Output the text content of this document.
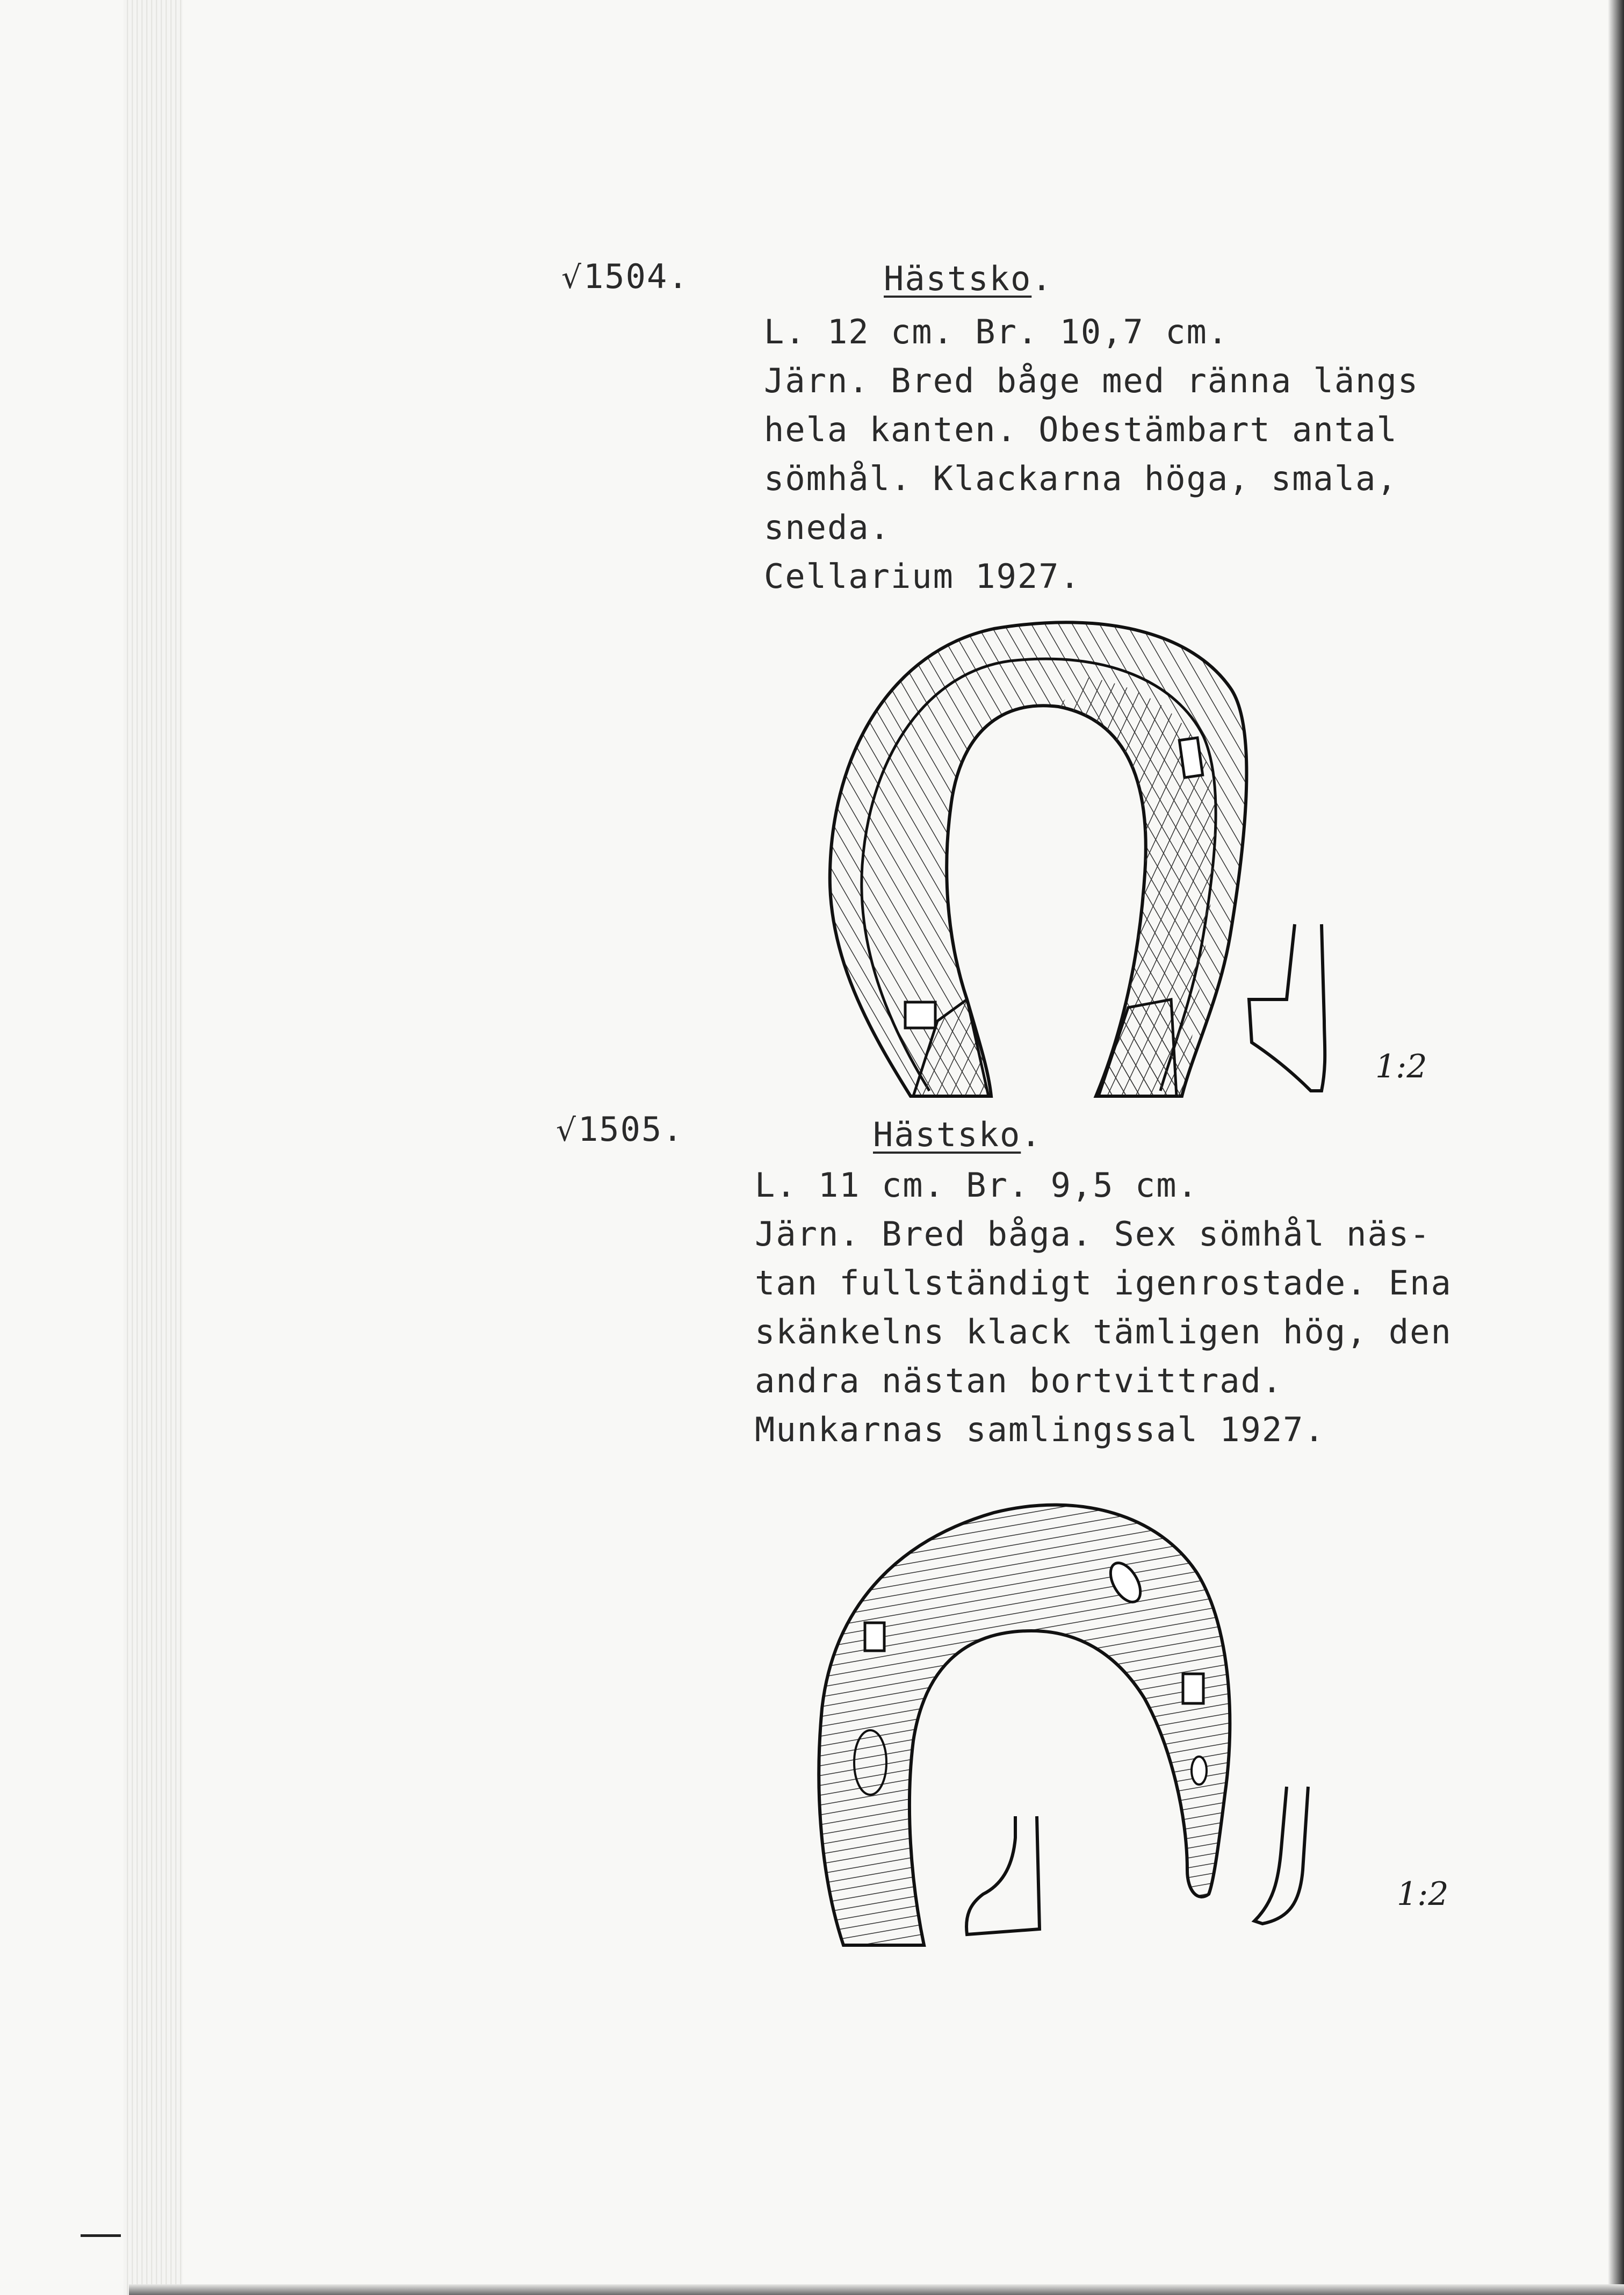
√1504.	Hästsko.
L. 12 cm. Br. 10,7 cm.
Järn. Bred båge med ränna längs
hela kanten. Obestämbart antal
sömhål. Klackarna höga, smala,
sneda.
Cellarium 1927.
1:2
√1505.	Hästsko.
L. 11 cm. Br. 9,5 cm.
Järn. Bred båga. Sex sömhål näs-
tan fullständigt igenrostade. Ena
skänkelns klack tämligen hög, den
andra nästan bortvittrad.
Munkarnas samlingssal 1927.
1:2
